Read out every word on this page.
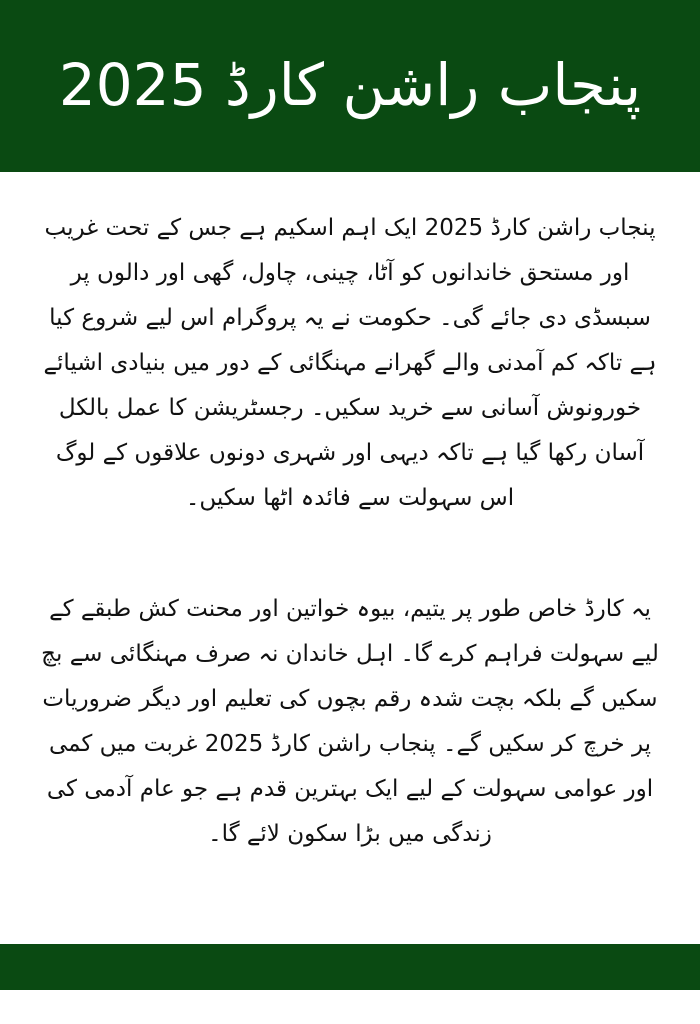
پنجاب راشن کارڈ 2025

پنجاب راشن کارڈ 2025 ایک اہم اسکیم ہے جس کے تحت غریب اور مستحق خاندانوں کو آٹا، چینی، چاول، گھی اور دالوں پر سبسڈی دی جائے گی۔ حکومت نے یہ پروگرام اس لیے شروع کیا ہے تاکہ کم آمدنی والے گھرانے مہنگائی کے دور میں بنیادی اشیائے خورونوش آسانی سے خرید سکیں۔ رجسٹریشن کا عمل بالکل آسان رکھا گیا ہے تاکہ دیہی اور شہری دونوں علاقوں کے لوگ اس سہولت سے فائدہ اٹھا سکیں۔

یہ کارڈ خاص طور پر یتیم، بیوہ خواتین اور محنت کش طبقے کے لیے سہولت فراہم کرے گا۔ اہل خاندان نہ صرف مہنگائی سے بچ سکیں گے بلکہ بچت شدہ رقم بچوں کی تعلیم اور دیگر ضروریات پر خرچ کر سکیں گے۔ پنجاب راشن کارڈ 2025 غربت میں کمی اور عوامی سہولت کے لیے ایک بہترین قدم ہے جو عام آدمی کی زندگی میں بڑا سکون لائے گا۔
